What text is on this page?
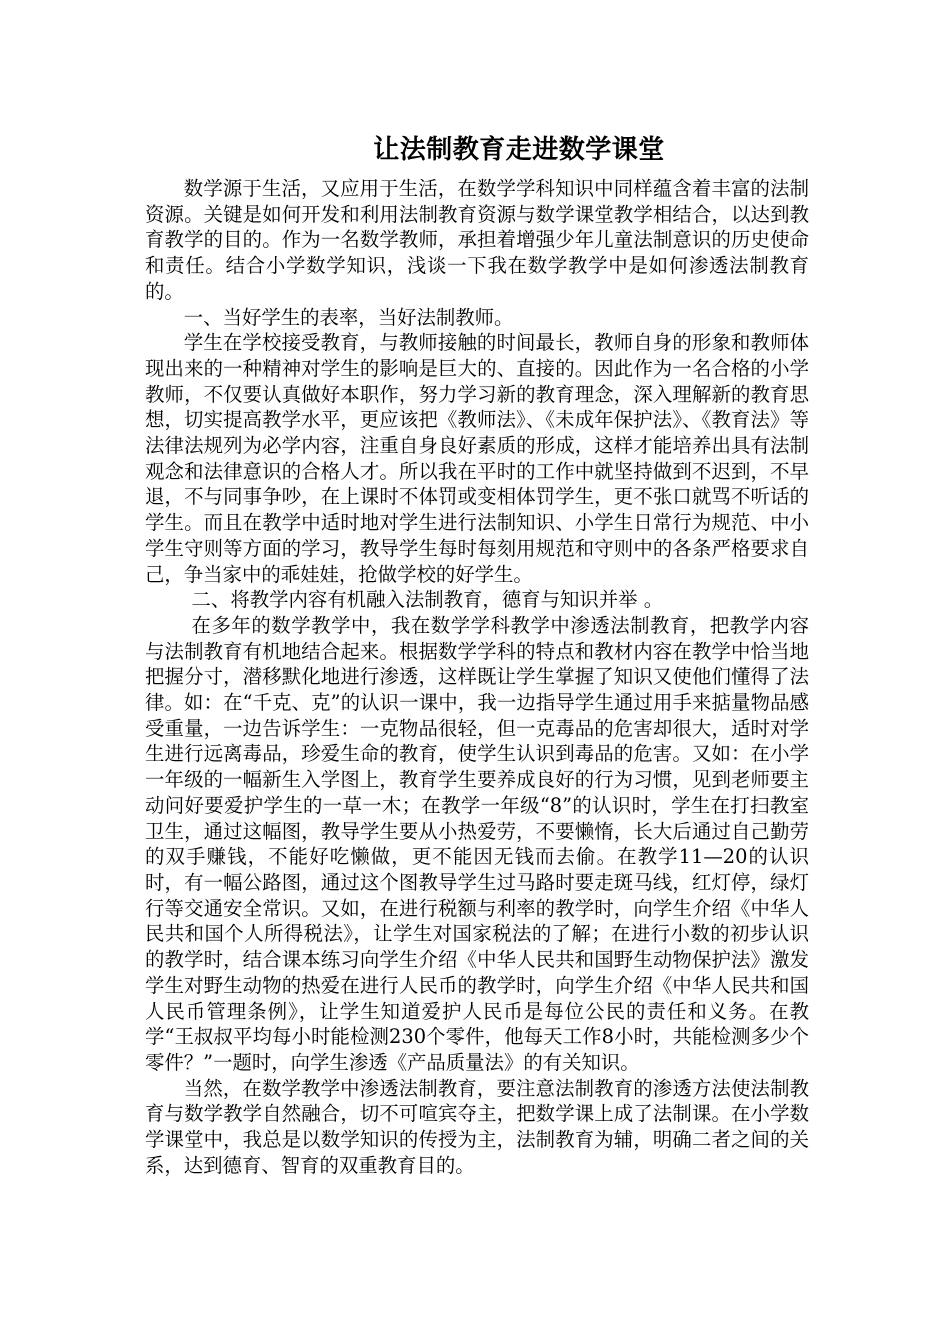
让法制教育走进数学课堂

数学源于生活，又应用于生活，在数学学科知识中同样蕴含着丰富的法制资源。关键是如何开发和利用法制教育资源与数学课堂教学相结合，以达到教育教学的目的。作为一名数学教师，承担着增强少年儿童法制意识的历史使命和责任。结合小学数学知识，浅谈一下我在数学教学中是如何渗透法制教育的。

一、当好学生的表率，当好法制教师。

学生在学校接受教育，与教师接触的时间最长，教师自身的形象和教师体现出来的一种精神对学生的影响是巨大的、直接的。因此作为一名合格的小学教师，不仅要认真做好本职作，努力学习新的教育理念，深入理解新的教育思想，切实提高教学水平，更应该把《教师法》、《未成年保护法》、《教育法》等法律法规列为必学内容，注重自身良好素质的形成，这样才能培养出具有法制观念和法律意识的合格人才。所以我在平时的工作中就坚持做到不迟到，不早退，不与同事争吵，在上课时不体罚或变相体罚学生，更不张口就骂不听话的学生。而且在教学中适时地对学生进行法制知识、小学生日常行为规范、中小学生守则等方面的学习，教导学生每时每刻用规范和守则中的各条严格要求自己，争当家中的乖娃娃，抢做学校的好学生。

二、将教学内容有机融入法制教育，德育与知识并举 。

在多年的数学教学中，我在数学学科教学中渗透法制教育，把教学内容与法制教育有机地结合起来。根据数学学科的特点和教材内容在教学中恰当地把握分寸，潜移默化地进行渗透，这样既让学生掌握了知识又使他们懂得了法律。如：在“千克、克”的认识一课中，我一边指导学生通过用手来掂量物品感受重量，一边告诉学生：一克物品很轻，但一克毒品的危害却很大，适时对学生进行远离毒品，珍爱生命的教育，使学生认识到毒品的危害。又如：在小学一年级的一幅新生入学图上，教育学生要养成良好的行为习惯，见到老师要主动问好要爱护学生的一草一木；在教学一年级“8”的认识时，学生在打扫教室卫生，通过这幅图，教导学生要从小热爱劳，不要懒惰，长大后通过自己勤劳的双手赚钱，不能好吃懒做，更不能因无钱而去偷。在教学11—20的认识时，有一幅公路图，通过这个图教导学生过马路时要走斑马线，红灯停，绿灯行等交通安全常识。又如，在进行税额与利率的教学时，向学生介绍《中华人民共和国个人所得税法》，让学生对国家税法的了解；在进行小数的初步认识的教学时，结合课本练习向学生介绍《中华人民共和国野生动物保护法》激发学生对野生动物的热爱在进行人民币的教学时，向学生介绍《中华人民共和国人民币管理条例》，让学生知道爱护人民币是每位公民的责任和义务。在教学“王叔叔平均每小时能检测230个零件，他每天工作8小时，共能检测多少个零件？”一题时，向学生渗透《产品质量法》的有关知识。

当然，在数学教学中渗透法制教育，要注意法制教育的渗透方法使法制教育与数学教学自然融合，切不可喧宾夺主，把数学课上成了法制课。在小学数学课堂中，我总是以数学知识的传授为主，法制教育为辅，明确二者之间的关系，达到德育、智育的双重教育目的。
